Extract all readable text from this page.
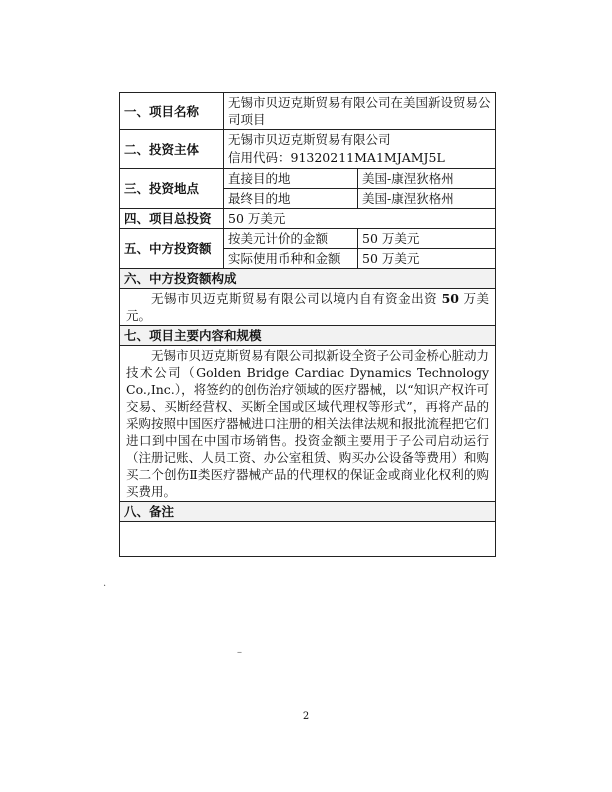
一、项目名称	无锡市贝迈克斯贸易有限公司在美国新设贸易公司项目	
二、投资主体	无锡市贝迈克斯贸易有限公司
信用代码：91320211MA1MJAMJ5L	

三、投资地点	直接目的地	美国-康涅狄格州
	最终目的地	美国-康涅狄格州
四、项目总投资	50 万美元	
五、中方投资额	按美元计价的金额	50 万美元
	实际使用币种和金额	50 万美元
六、中方投资额构成		
无锡市贝迈克斯贸易有限公司以境内自有资金出资 50 万美元。		
七、项目主要内容和规模		
无锡市贝迈克斯贸易有限公司拟新设全资子公司金桥心脏动力技术公司（Golden Bridge Cardiac Dynamics Technology Co.,Inc.），将签约的创伤治疗领域的医疗器械，以“知识产权许可交易、买断经营权、买断全国或区域代理权等形式”，再将产品的采购按照中国医疗器械进口注册的相关法律法规和报批流程把它们进口到中国在中国市场销售。投资金额主要用于子公司启动运行（注册记账、人员工资、办公室租赁、购买办公设备等费用）和购买二个创伤Ⅱ类医疗器械产品的代理权的保证金或商业化权利的购买费用。		
八、备注		

.
–
2
